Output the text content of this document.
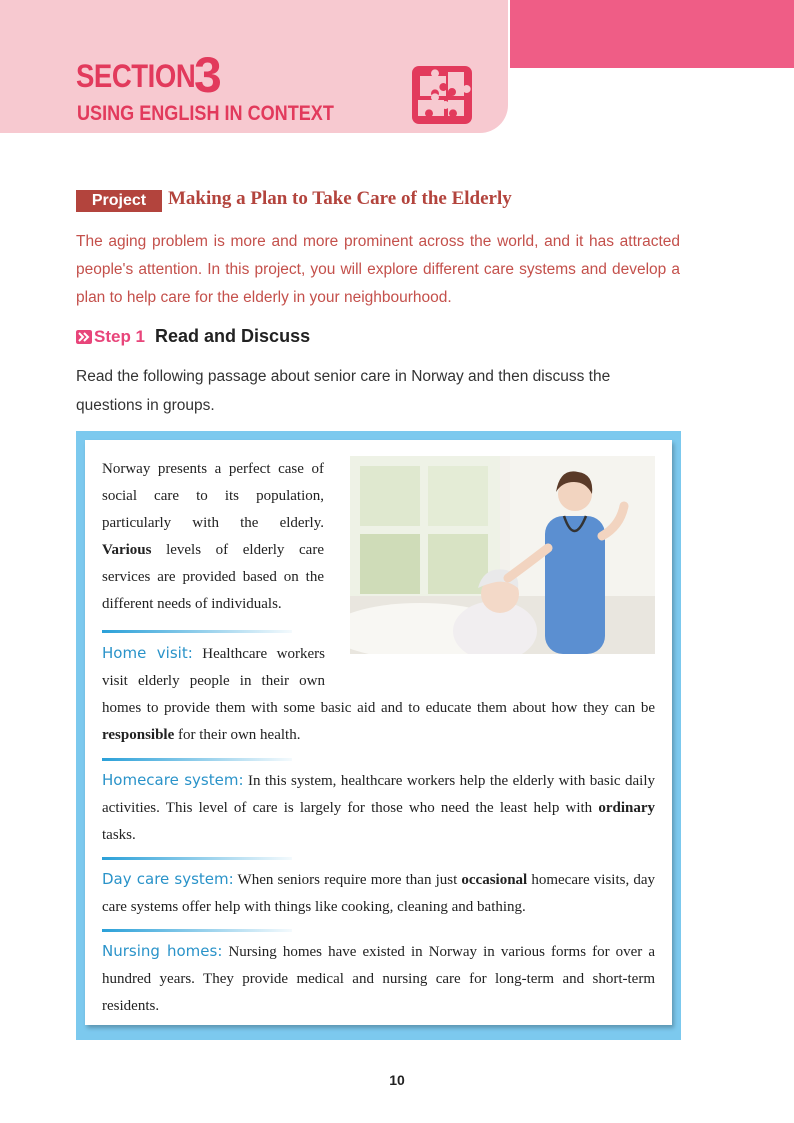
SECTION
3
USING ENGLISH IN CONTEXT
Project	Making a Plan to Take Care of the Elderly
The aging problem is more and more prominent across the world, and it has attracted people's attention. In this project, you will explore different care systems and develop a plan to help care for the elderly in your neighbourhood.
Step 1 Read and Discuss
Read the following passage about senior care in Norway and then discuss the questions in groups.
Norway presents a perfect case of social care to its population, particularly with the elderly. Various levels of elderly care services are provided based on the different needs of individuals.
Home visit: Healthcare workers visit elderly people in their own homes to provide them with some basic aid and to educate them about how they can be responsible for their own health.
Homecare system: In this system, healthcare workers help the elderly with basic daily activities. This level of care is largely for those who need the least help with ordinary tasks.
Day care system: When seniors require more than just occasional homecare visits, day care systems offer help with things like cooking, cleaning and bathing.
Nursing homes: Nursing homes have existed in Norway in various forms for over a hundred years. They provide medical and nursing care for long-term and short-term residents.
10
